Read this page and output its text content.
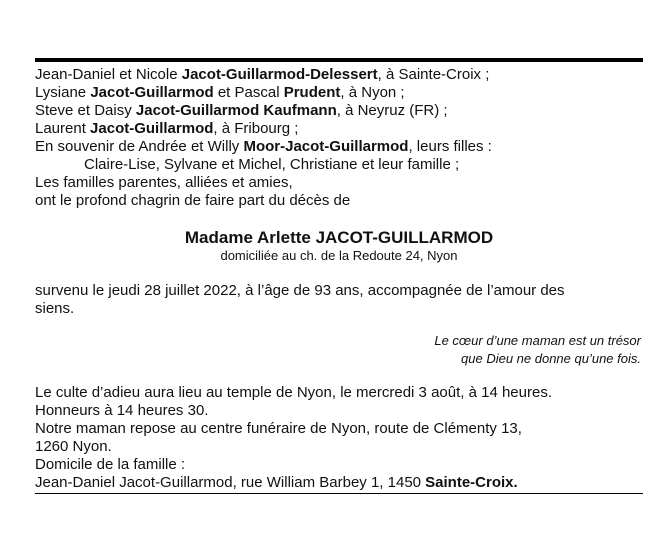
Jean-Daniel et Nicole Jacot-Guillarmod-Delessert, à Sainte-Croix ;
Lysiane Jacot-Guillarmod et Pascal Prudent, à Nyon ;
Steve et Daisy Jacot-Guillarmod Kaufmann, à Neyruz (FR) ;
Laurent Jacot-Guillarmod, à Fribourg ;
En souvenir de Andrée et Willy Moor-Jacot-Guillarmod, leurs filles :
Claire-Lise, Sylvane et Michel, Christiane et leur famille ;
Les familles parentes, alliées et amies,
ont le profond chagrin de faire part du décès de
Madame Arlette JACOT-GUILLARMOD
domiciliée au ch. de la Redoute 24, Nyon
survenu le jeudi 28 juillet 2022, à l’âge de 93 ans, accompagnée de l’amour des
siens.
Le cœur d’une maman est un trésor
que Dieu ne donne qu’une fois.
Le culte d’adieu aura lieu au temple de Nyon, le mercredi 3 août, à 14 heures.
Honneurs à 14 heures 30.
Notre maman repose au centre funéraire de Nyon, route de Clémenty 13,
1260 Nyon.
Domicile de la famille :
Jean-Daniel Jacot-Guillarmod, rue William Barbey 1, 1450 Sainte-Croix.
